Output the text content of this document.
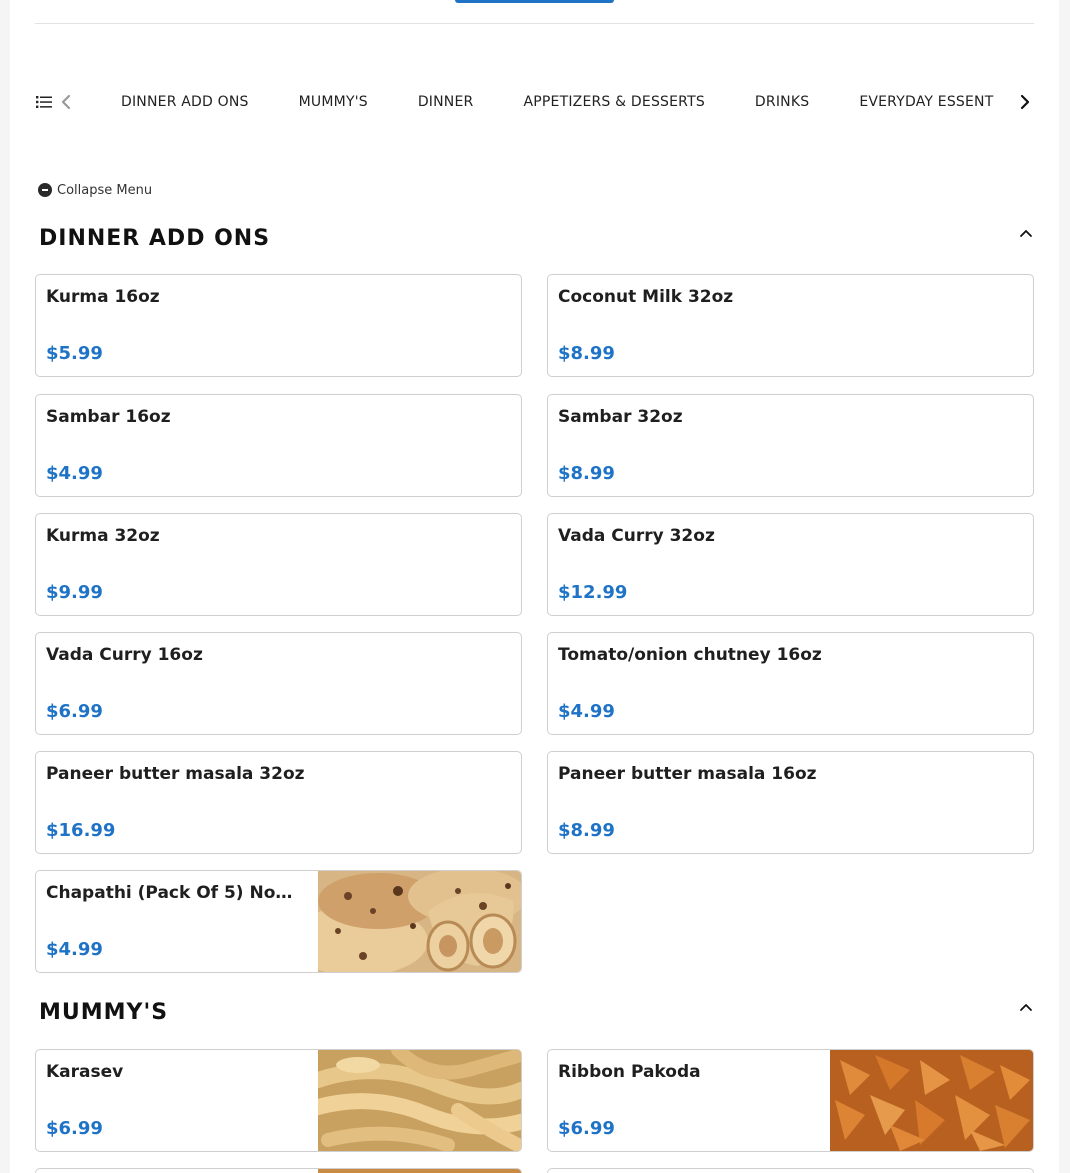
DINNER ADD ONS	MUMMY'S	DINNER	APPETIZERS & DESSERTS	DRINKS	EVERYDAY ESSENT
Collapse Menu
DINNER ADD ONS
Kurma 16oz
$5.99
Coconut Milk 32oz
$8.99
Sambar 16oz
$4.99
Sambar 32oz
$8.99
Kurma 32oz
$9.99
Vada Curry 32oz
$12.99
Vada Curry 16oz
$6.99
Tomato/onion chutney 16oz
$4.99
Paneer butter masala 32oz
$16.99
Paneer butter masala 16oz
$8.99
Chapathi (Pack Of 5) No…
$4.99
MUMMY'S
Karasev
$6.99
Ribbon Pakoda
$6.99
